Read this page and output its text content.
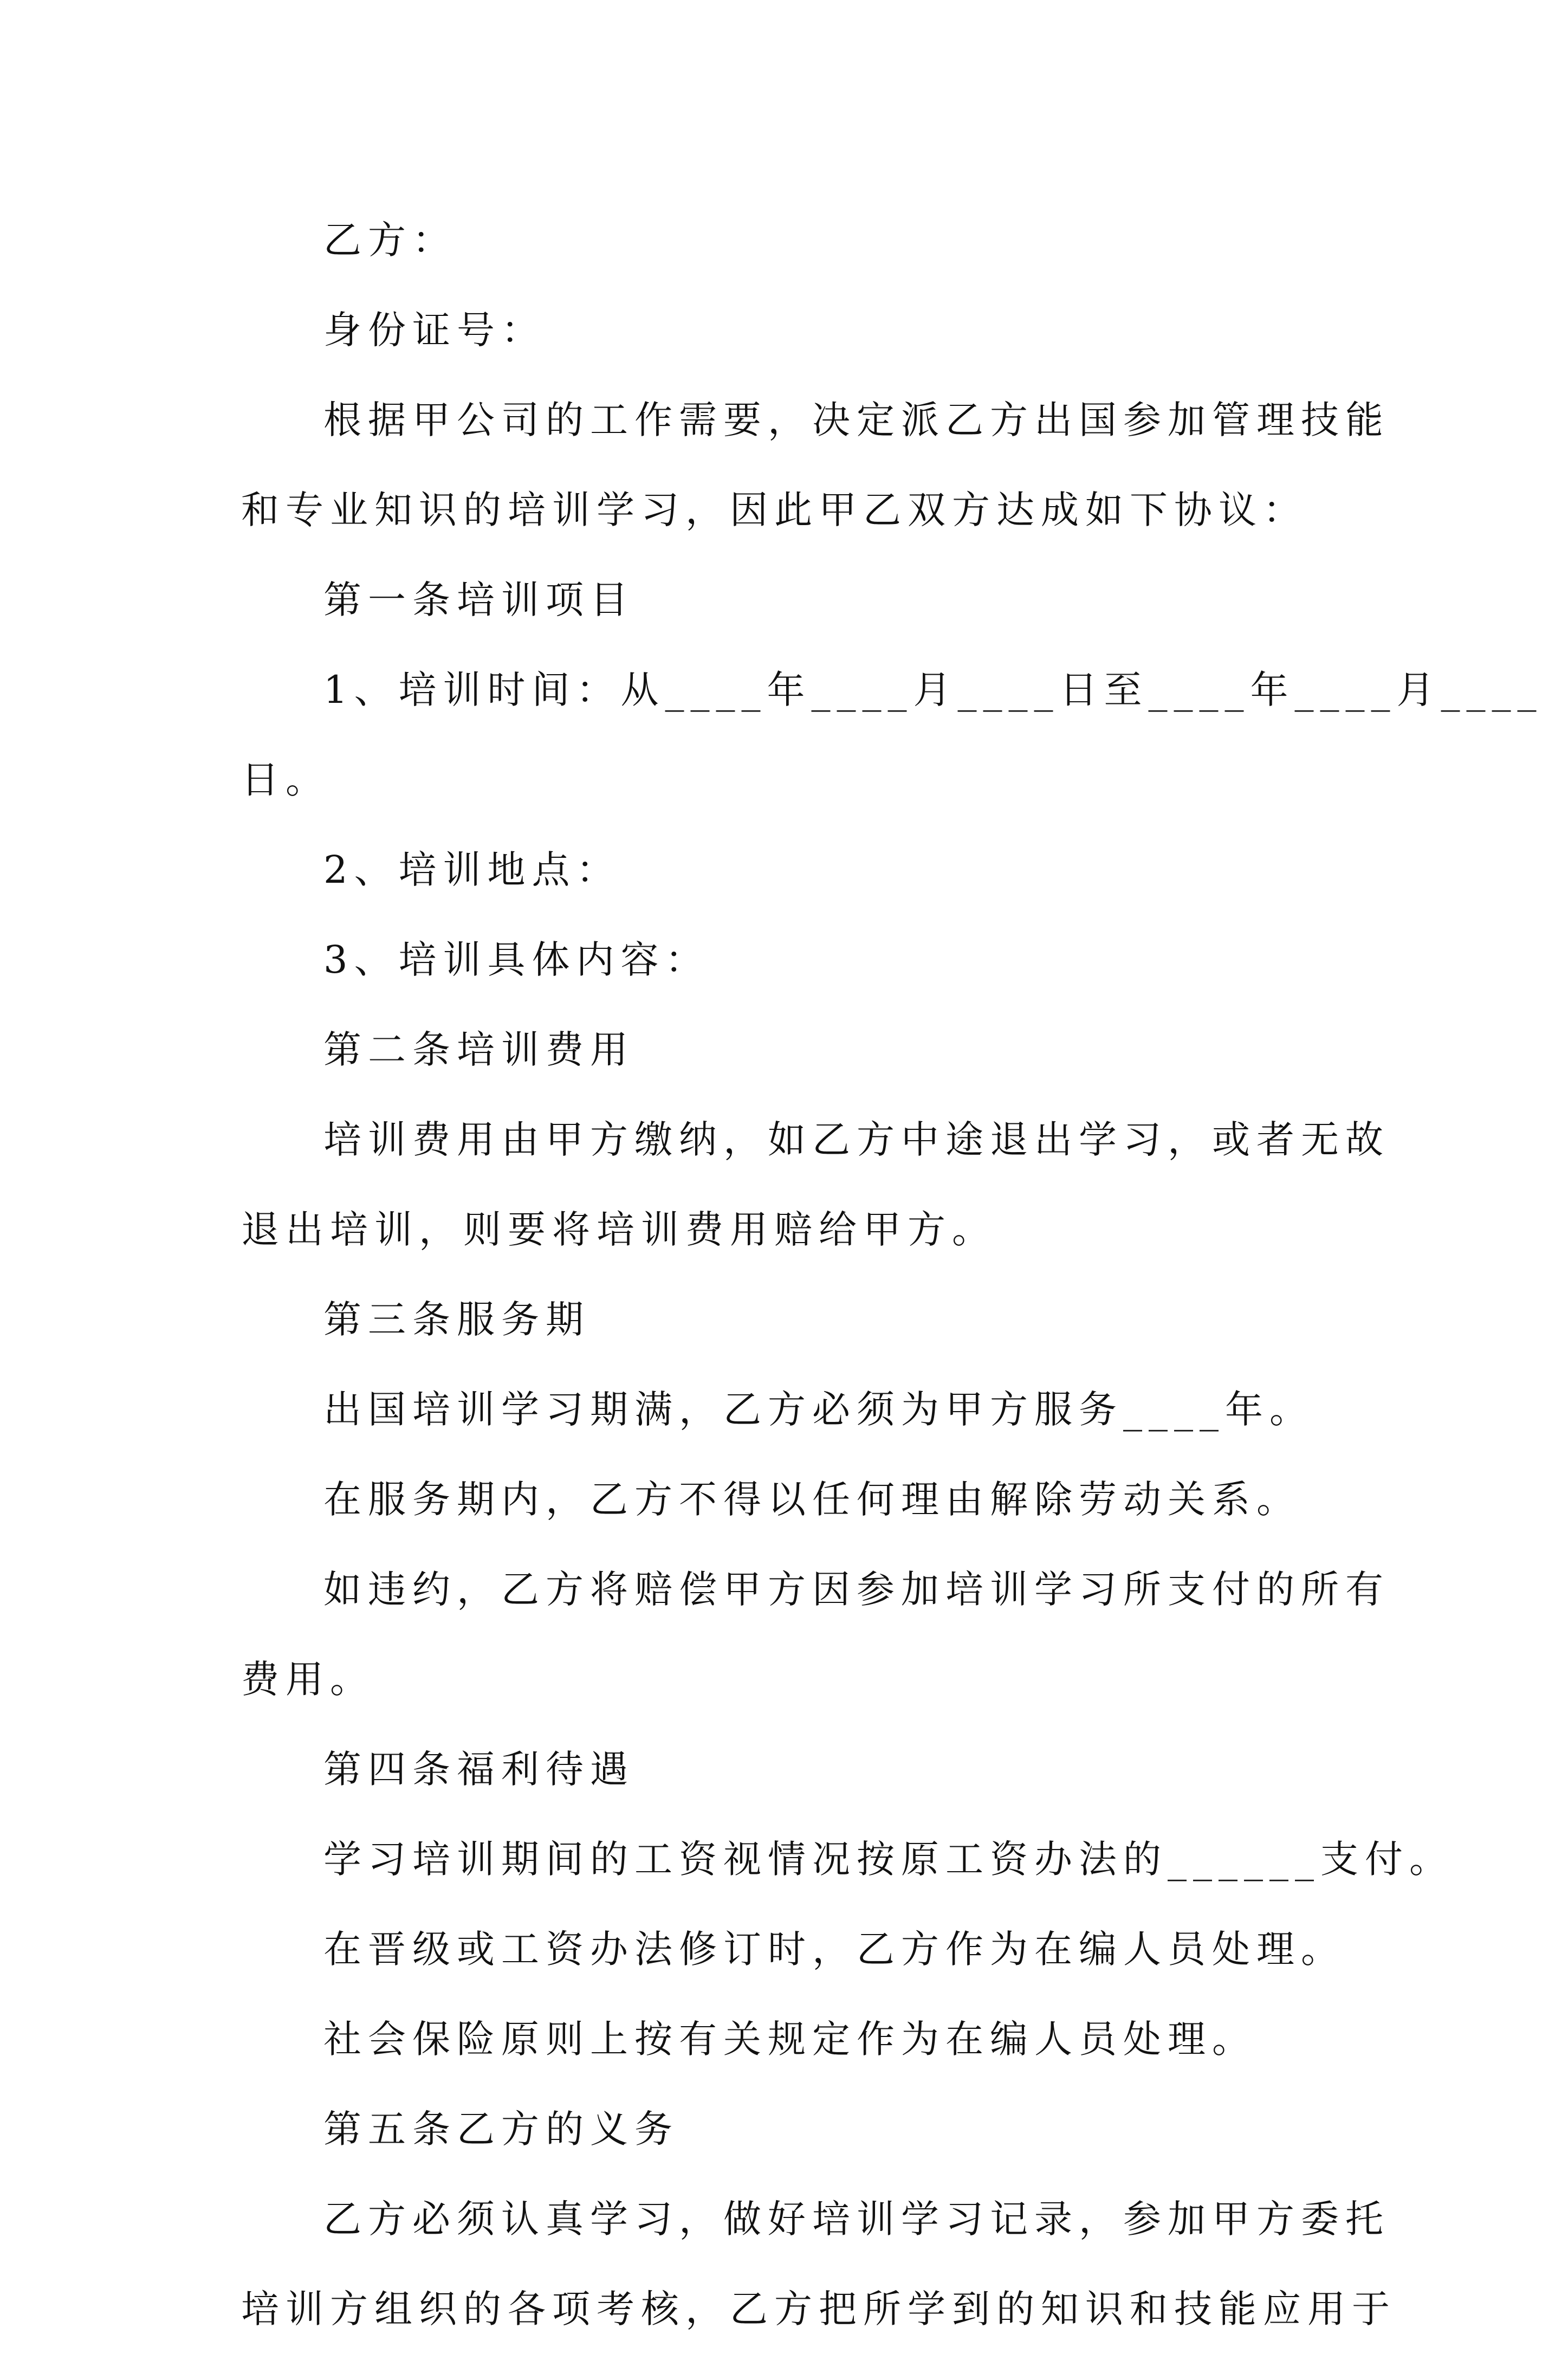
乙方：
身份证号：
根据甲公司的工作需要，决定派乙方出国参加管理技能
和专业知识的培训学习，因此甲乙双方达成如下协议：
第一条培训项目
1、培训时间：从____年____月____日至____年____月____
日。
2、培训地点：
3、培训具体内容：
第二条培训费用
培训费用由甲方缴纳，如乙方中途退出学习，或者无故
退出培训，则要将培训费用赔给甲方。
第三条服务期
出国培训学习期满，乙方必须为甲方服务____年。
在服务期内，乙方不得以任何理由解除劳动关系。
如违约，乙方将赔偿甲方因参加培训学习所支付的所有
费用。
第四条福利待遇
学习培训期间的工资视情况按原工资办法的______支付。
在晋级或工资办法修订时，乙方作为在编人员处理。
社会保险原则上按有关规定作为在编人员处理。
第五条乙方的义务
乙方必须认真学习，做好培训学习记录，参加甲方委托
培训方组织的各项考核，乙方把所学到的知识和技能应用于
